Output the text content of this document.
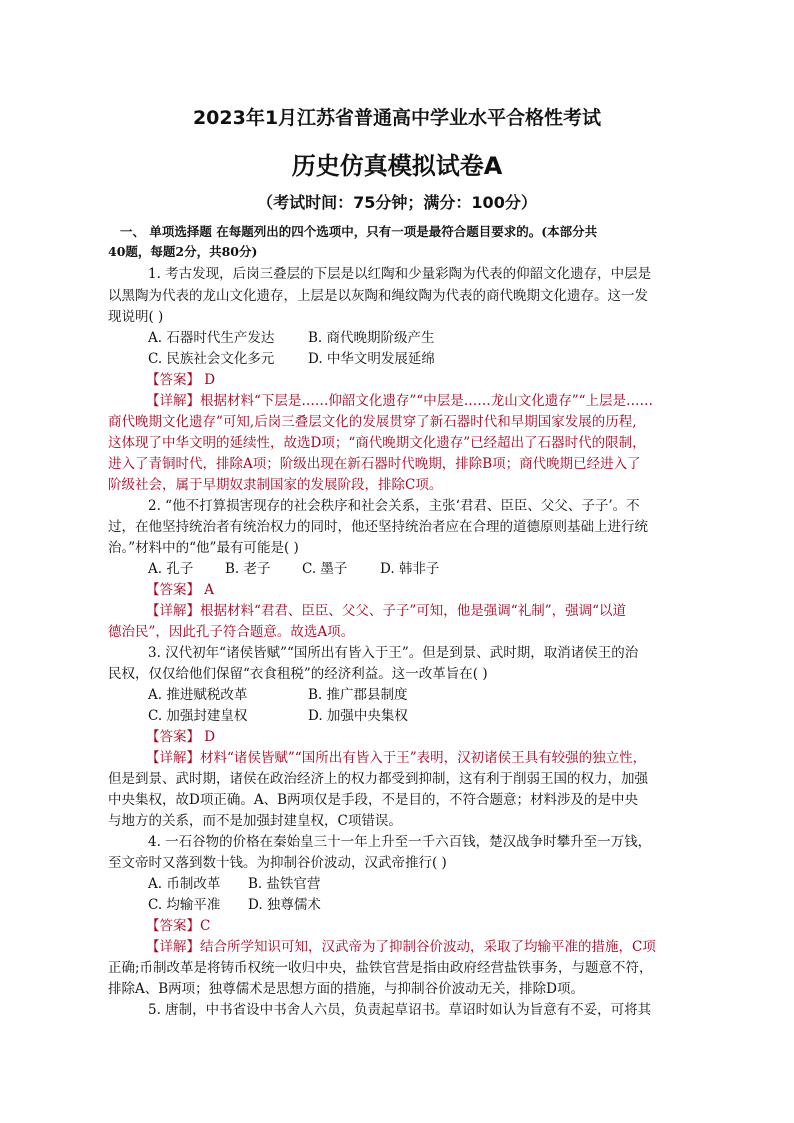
2023年1月江苏省普通高中学业水平合格性考试
历史仿真模拟试卷A
（考试时间：75分钟；满分：100分）
一、 单项选择题 在每题列出的四个选项中，只有一项是最符合题目要求的。(本部分共
40题，每题2分，共80分)
1. 考古发现，后岗三叠层的下层是以红陶和少量彩陶为代表的仰韶文化遗存，中层是
以黑陶为代表的龙山文化遗存，上层是以灰陶和绳纹陶为代表的商代晚期文化遗存。这一发
现说明( )
A. 石器时代生产发达 B. 商代晚期阶级产生
C. 民族社会文化多元 D. 中华文明发展延绵
【答案】 D
【详解】根据材料“下层是……仰韶文化遗存”“中层是……龙山文化遗存”“上层是……
商代晚期文化遗存”可知,后岗三叠层文化的发展贯穿了新石器时代和早期国家发展的历程,
这体现了中华文明的延续性，故选D项；“商代晚期文化遗存”已经超出了石器时代的限制，
进入了青铜时代，排除A项；阶级出现在新石器时代晚期，排除B项；商代晚期已经进入了
阶级社会，属于早期奴隶制国家的发展阶段，排除C项。
2. “他不打算损害现存的社会秩序和社会关系，主张‘君君、臣臣、父父、子子’。不
过，在他坚持统治者有统治权力的同时，他还坚持统治者应在合理的道德原则基础上进行统
治。”材料中的“他”最有可能是( )
A. 孔子 B. 老子 C. 墨子 D. 韩非子
【答案】 A
【详解】根据材料“君君、臣臣、父父、子子”可知，他是强调“礼制”，强调“以道
德治民”，因此孔子符合题意。故选A项。
3. 汉代初年“诸侯皆赋”“国所出有皆入于王”。但是到景、武时期，取消诸侯王的治
民权，仅仅给他们保留“衣食租税”的经济利益。这一改革旨在( )
A. 推进赋税改革	B. 推广郡县制度
C. 加强封建皇权	D. 加强中央集权
【答案】 D
【详解】材料“诸侯皆赋”“国所出有皆入于王”表明，汉初诸侯王具有较强的独立性，
但是到景、武时期，诸侯在政治经济上的权力都受到抑制，这有利于削弱王国的权力，加强
中央集权，故D项正确。A、B两项仅是手段，不是目的，不符合题意；材料涉及的是中央
与地方的关系，而不是加强封建皇权，C项错误。
4. 一石谷物的价格在秦始皇三十一年上升至一千六百钱，楚汉战争时攀升至一万钱，
至文帝时又落到数十钱。为抑制谷价波动，汉武帝推行( )
A. 币制改革 B. 盐铁官营
C. 均输平准 D. 独尊儒术
【答案】C
【详解】结合所学知识可知，汉武帝为了抑制谷价波动，采取了均输平准的措施，C项
正确;币制改革是将铸币权统一收归中央，盐铁官营是指由政府经营盐铁事务，与题意不符，
排除A、B两项；独尊儒术是思想方面的措施，与抑制谷价波动无关，排除D项。
5. 唐制，中书省设中书舍人六员，负责起草诏书。草诏时如认为旨意有不妥，可将其
